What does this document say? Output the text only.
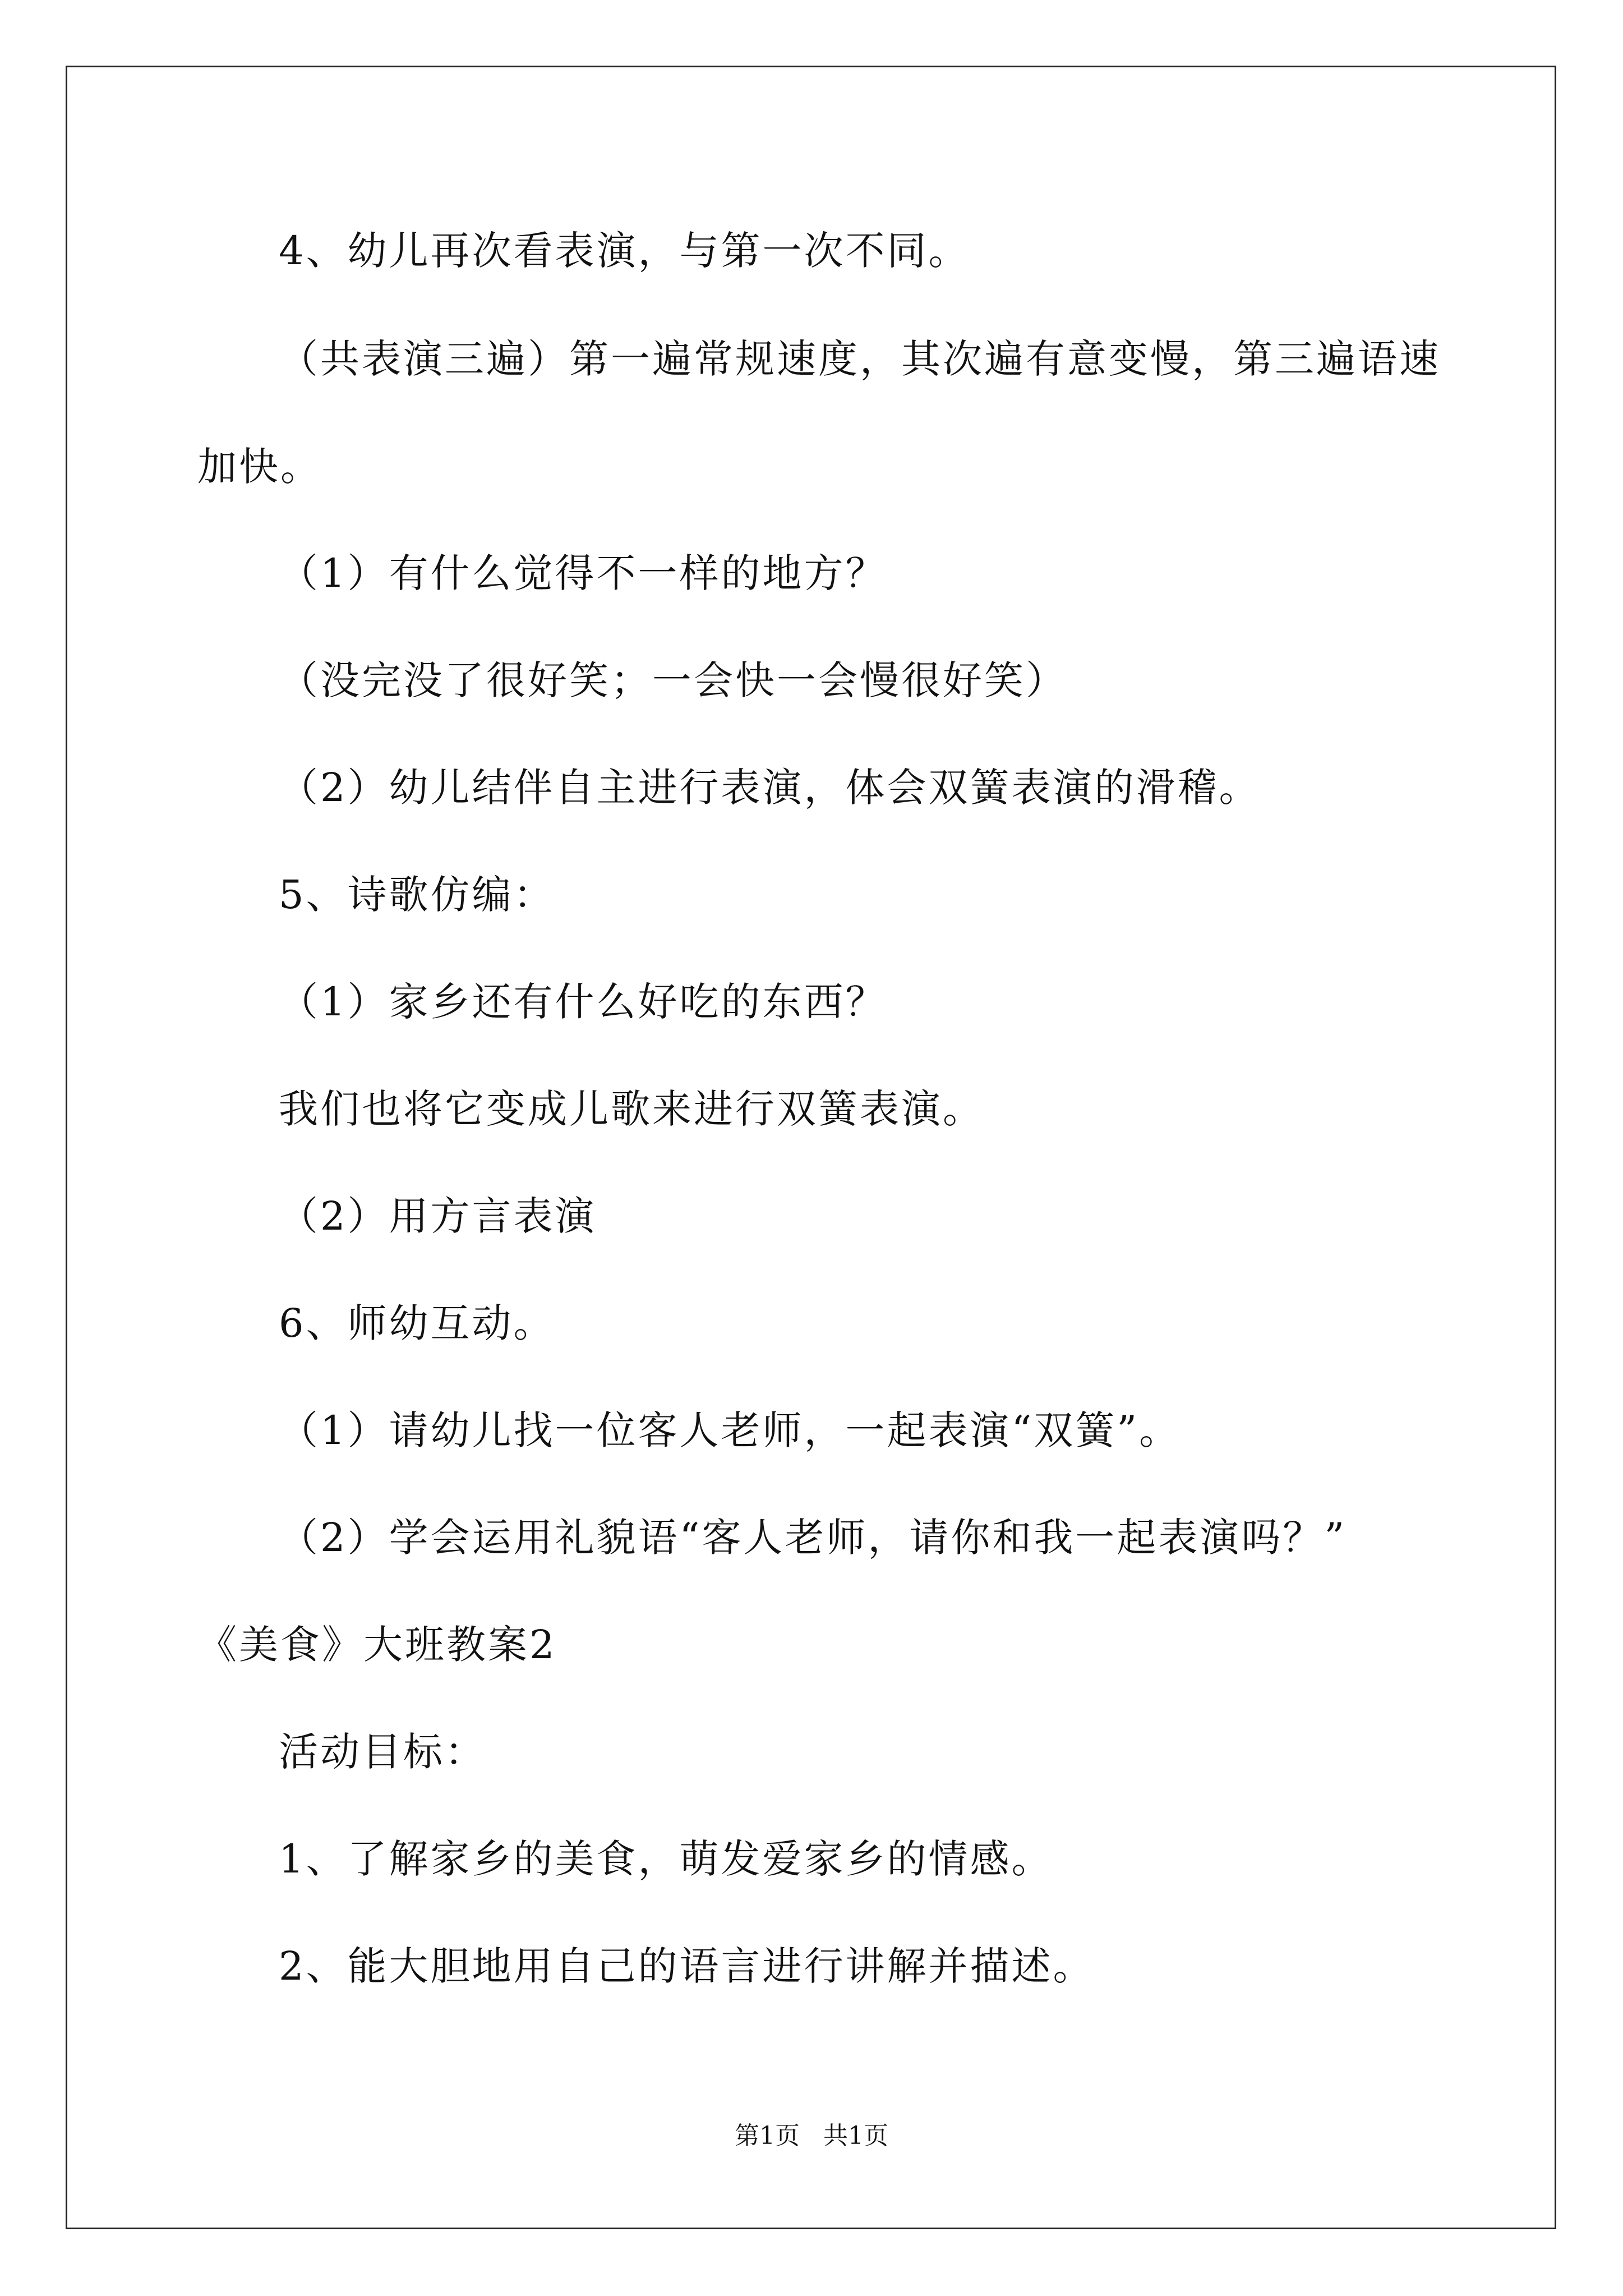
4、幼儿再次看表演，与第一次不同。

（共表演三遍）第一遍常规速度，其次遍有意变慢，第三遍语速

加快。

（1）有什么觉得不一样的地方？

（没完没了很好笑；一会快一会慢很好笑）

（2）幼儿结伴自主进行表演，体会双簧表演的滑稽。

5、诗歌仿编：

（1）家乡还有什么好吃的东西？

我们也将它变成儿歌来进行双簧表演。

（2）用方言表演

6、师幼互动。

（1）请幼儿找一位客人老师，一起表演“双簧”。

（2）学会运用礼貌语“客人老师，请你和我一起表演吗？”

《美食》大班教案2

活动目标：

1、了解家乡的美食，萌发爱家乡的情感。

2、能大胆地用自己的语言进行讲解并描述。

第1页   共1页
